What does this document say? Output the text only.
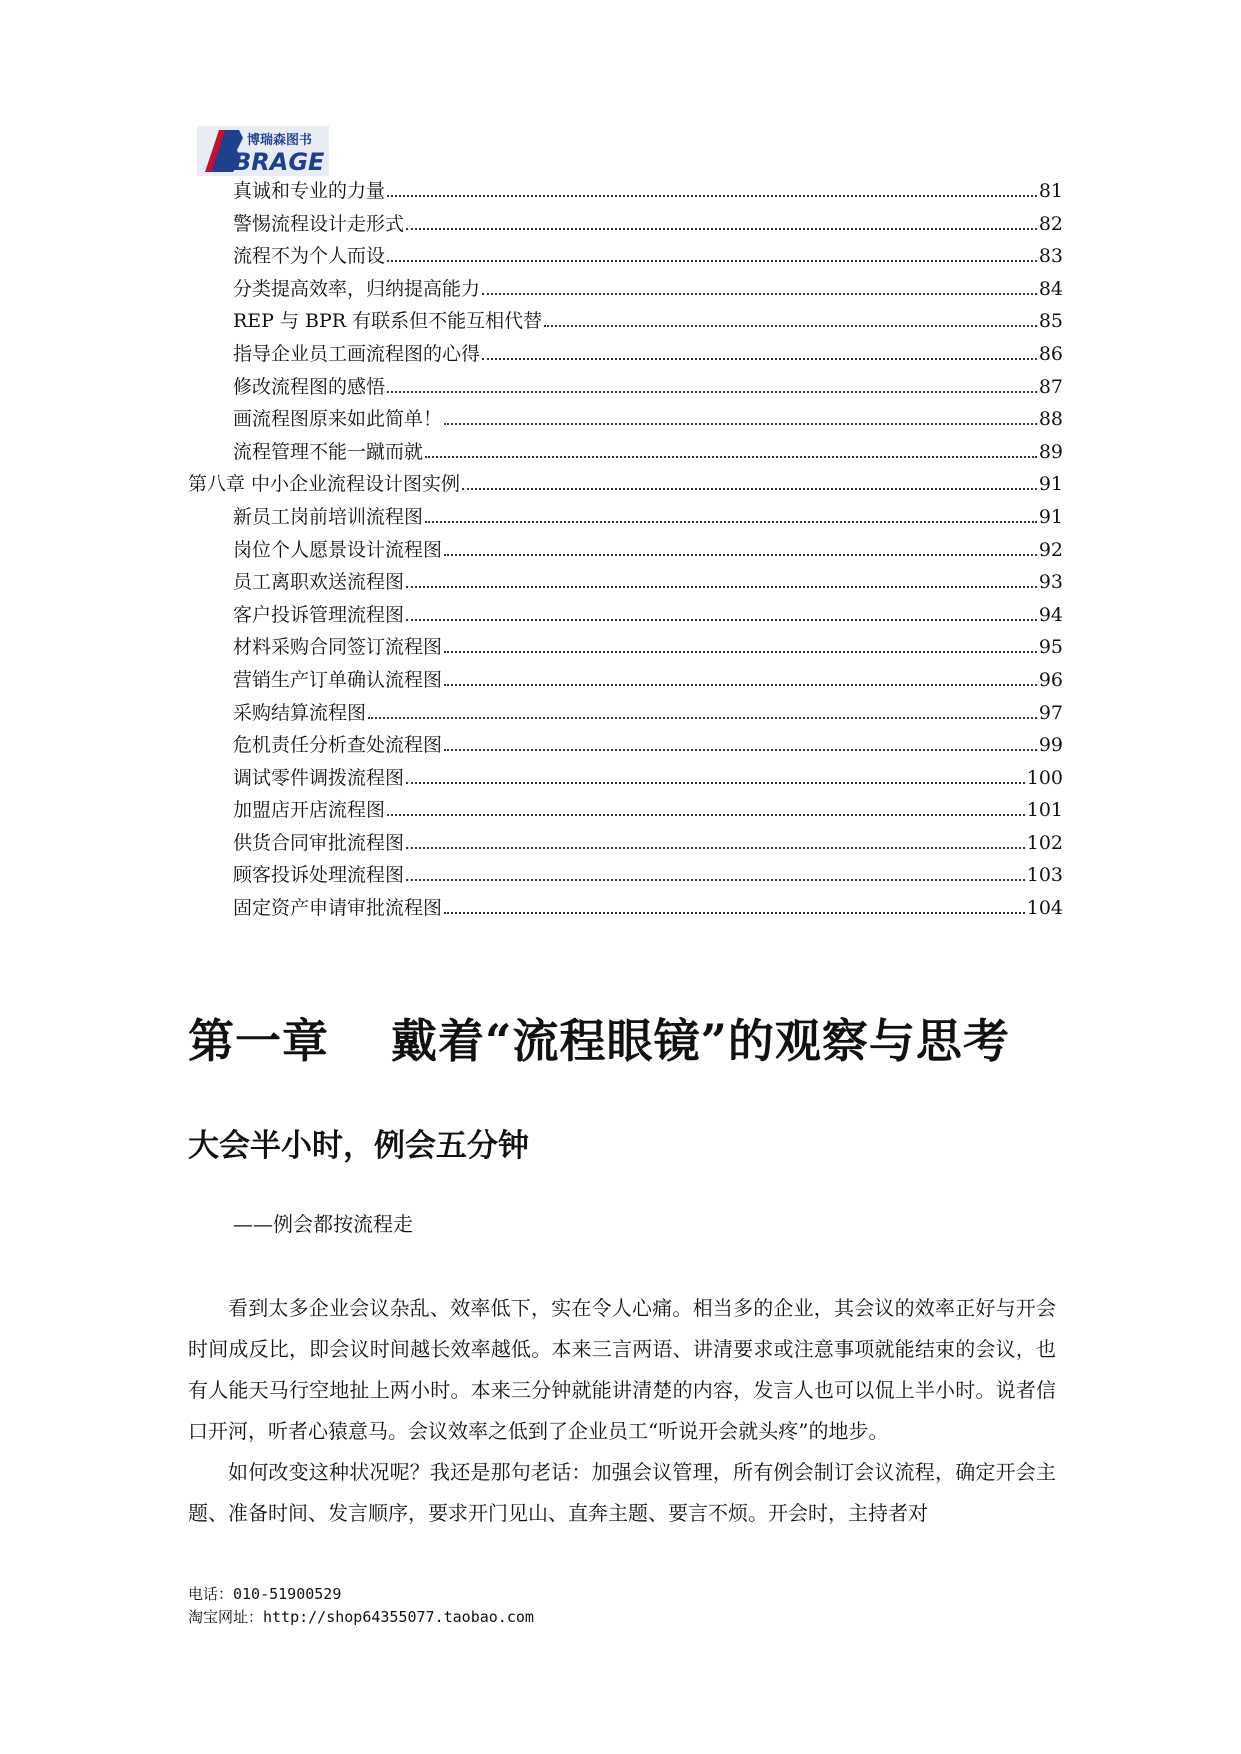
博瑞森图书
BRAGE
真诚和专业的力量	81
警惕流程设计走形式	82
流程不为个人而设	83
分类提高效率，归纳提高能力	84
REP 与 BPR 有联系但不能互相代替	85
指导企业员工画流程图的心得	86
修改流程图的感悟	87
画流程图原来如此简单！	88
流程管理不能一蹴而就	89
第八章 中小企业流程设计图实例	91
新员工岗前培训流程图	91
岗位个人愿景设计流程图	92
员工离职欢送流程图	93
客户投诉管理流程图	94
材料采购合同签订流程图	95
营销生产订单确认流程图	96
采购结算流程图	97
危机责任分析查处流程图	99
调试零件调拨流程图	100
加盟店开店流程图	101
供货合同审批流程图	102
顾客投诉处理流程图	103
固定资产申请审批流程图	104
第一章 戴着“流程眼镜”的观察与思考
大会半小时，例会五分钟
——例会都按流程走

看到太多企业会议杂乱、效率低下，实在令人心痛。相当多的企业，其会议的效率正好与开会时间成反比，即会议时间越长效率越低。本来三言两语、讲清要求或注意事项就能结束的会议，也有人能天马行空地扯上两小时。本来三分钟就能讲清楚的内容，发言人也可以侃上半小时。说者信口开河，听者心猿意马。会议效率之低到了企业员工“听说开会就头疼”的地步。

如何改变这种状况呢？我还是那句老话：加强会议管理，所有例会制订会议流程，确定开会主题、准备时间、发言顺序，要求开门见山、直奔主题、要言不烦。开会时，主持者对

电话：010-51900529
淘宝网址：http://shop64355077.taobao.com
